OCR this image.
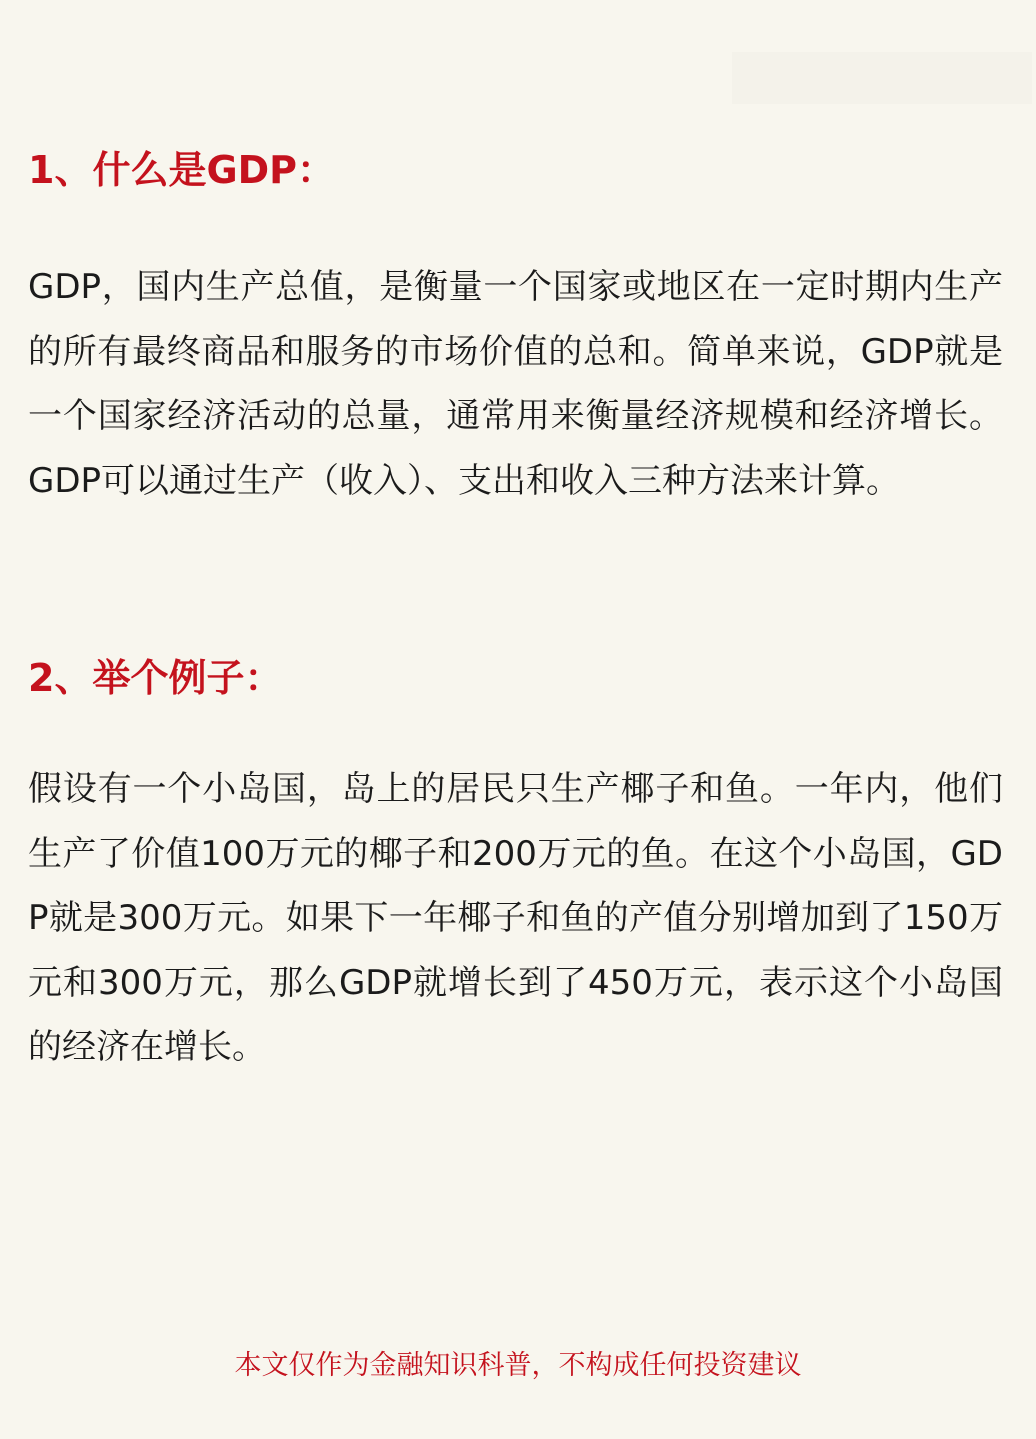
1、什么是GDP：

GDP，国内生产总值，是衡量一个国家或地区在一定时期内生产的所有最终商品和服务的市场价值的总和。简单来说，GDP就是一个国家经济活动的总量，通常用来衡量经济规模和经济增长。GDP可以通过生产（收入）、支出和收入三种方法来计算。

2、举个例子：

假设有一个小岛国，岛上的居民只生产椰子和鱼。一年内，他们生产了价值100万元的椰子和200万元的鱼。在这个小岛国，GDP就是300万元。如果下一年椰子和鱼的产值分别增加到了150万元和300万元，那么GDP就增长到了450万元，表示这个小岛国的经济在增长。

本文仅作为金融知识科普，不构成任何投资建议
